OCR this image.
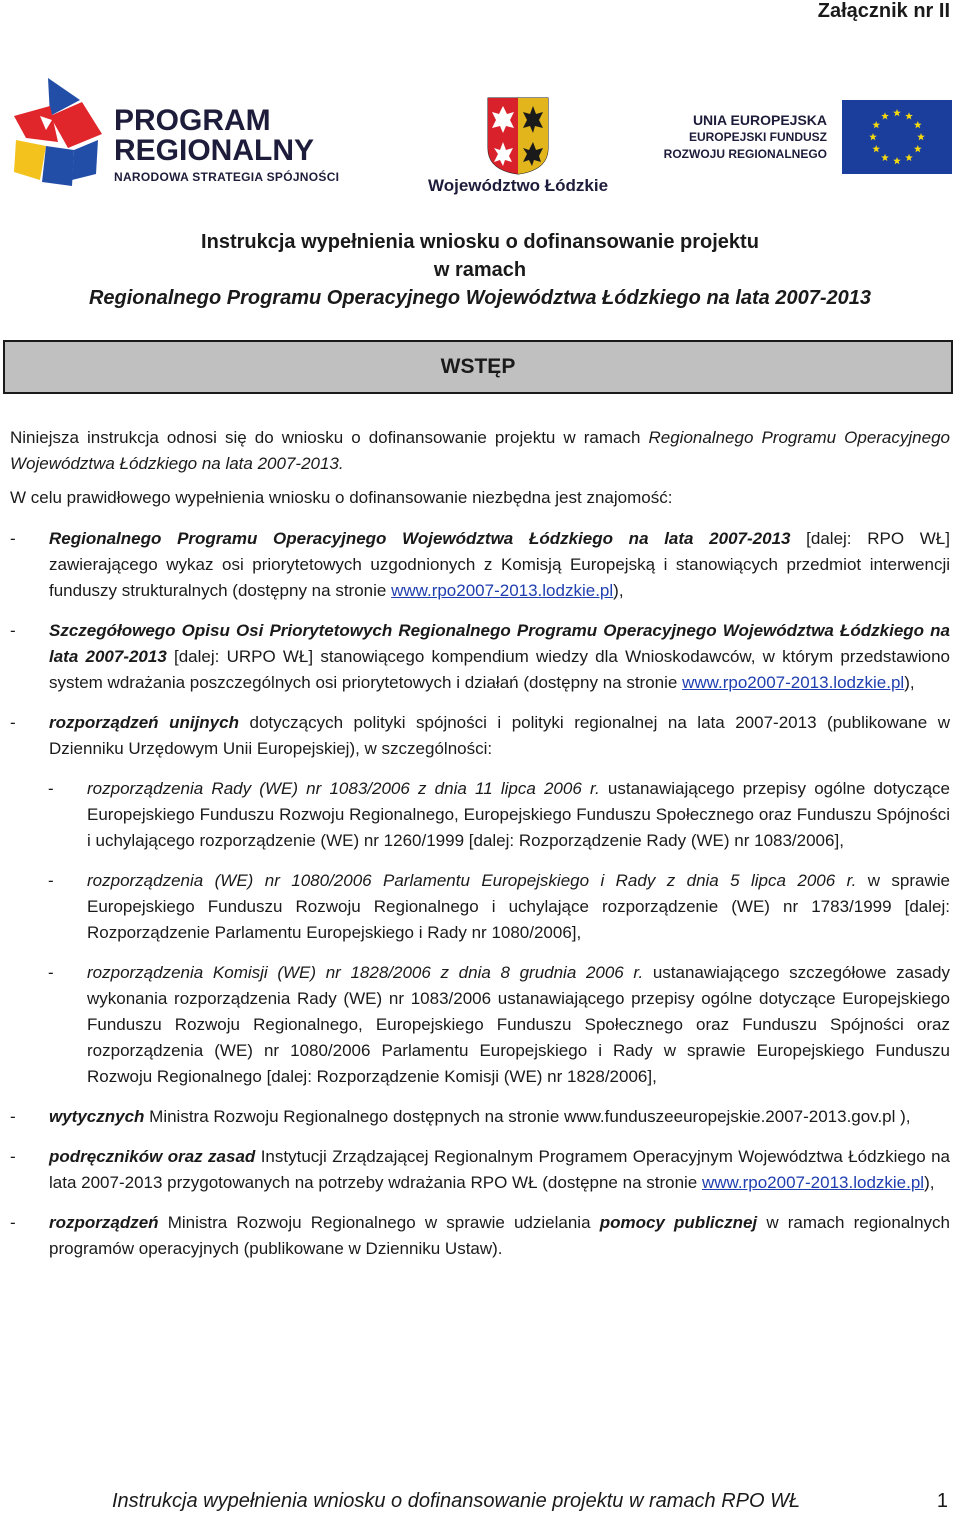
Załącznik nr II
PROGRAM
REGIONALNY
NARODOWA STRATEGIA SPÓJNOŚCI	Województwo Łódzkie
UNIA EUROPEJSKA
EUROPEJSKI FUNDUSZ
ROZWOJU REGIONALNEGO
Instrukcja wypełnienia wniosku o dofinansowanie projektu
w ramach
Regionalnego Programu Operacyjnego Województwa Łódzkiego na lata 2007-2013
WSTĘP

Niniejsza instrukcja odnosi się do wniosku o dofinansowanie projektu w ramach Regionalnego Programu Operacyjnego Województwa Łódzkiego na lata 2007-2013.

W celu prawidłowego wypełnienia wniosku o dofinansowanie niezbędna jest znajomość:

- Regionalnego Programu Operacyjnego Województwa Łódzkiego na lata 2007-2013 [dalej: RPO WŁ] zawierającego wykaz osi priorytetowych uzgodnionych z Komisją Europejską i stanowiących przedmiot interwencji funduszy strukturalnych (dostępny na stronie www.rpo2007-2013.lodzkie.pl),
- Szczegółowego Opisu Osi Priorytetowych Regionalnego Programu Operacyjnego Województwa Łódzkiego na lata 2007-2013 [dalej: URPO WŁ] stanowiącego kompendium wiedzy dla Wnioskodawców, w którym przedstawiono system wdrażania poszczególnych osi priorytetowych i działań (dostępny na stronie www.rpo2007-2013.lodzkie.pl),
- rozporządzeń unijnych dotyczących polityki spójności i polityki regionalnej na lata 2007-2013 (publikowane w Dzienniku Urzędowym Unii Europejskiej), w szczególności:
- rozporządzenia Rady (WE) nr 1083/2006 z dnia 11 lipca 2006 r. ustanawiającego przepisy ogólne dotyczące Europejskiego Funduszu Rozwoju Regionalnego, Europejskiego Funduszu Społecznego oraz Funduszu Spójności i uchylającego rozporządzenie (WE) nr 1260/1999 [dalej: Rozporządzenie Rady (WE) nr 1083/2006],
- rozporządzenia (WE) nr 1080/2006 Parlamentu Europejskiego i Rady z dnia 5 lipca 2006 r. w sprawie Europejskiego Funduszu Rozwoju Regionalnego i uchylające rozporządzenie (WE) nr 1783/1999 [dalej: Rozporządzenie Parlamentu Europejskiego i Rady nr 1080/2006],
- rozporządzenia Komisji (WE) nr 1828/2006 z dnia 8 grudnia 2006 r. ustanawiającego szczegółowe zasady wykonania rozporządzenia Rady (WE) nr 1083/2006 ustanawiającego przepisy ogólne dotyczące Europejskiego Funduszu Rozwoju Regionalnego, Europejskiego Funduszu Społecznego oraz Funduszu Spójności oraz rozporządzenia (WE) nr 1080/2006 Parlamentu Europejskiego i Rady w sprawie Europejskiego Funduszu Rozwoju Regionalnego [dalej: Rozporządzenie Komisji (WE) nr 1828/2006],
- wytycznych Ministra Rozwoju Regionalnego dostępnych na stronie www.funduszeeuropejskie.2007-2013.gov.pl ),
- podręczników oraz zasad Instytucji Zrządzającej Regionalnym Programem Operacyjnym Województwa Łódzkiego na lata 2007-2013 przygotowanych na potrzeby wdrażania RPO WŁ (dostępne na stronie www.rpo2007-2013.lodzkie.pl),
- rozporządzeń Ministra Rozwoju Regionalnego w sprawie udzielania pomocy publicznej w ramach regionalnych programów operacyjnych (publikowane w Dzienniku Ustaw).
Instrukcja wypełnienia wniosku o dofinansowanie projektu w ramach RPO WŁ	1
